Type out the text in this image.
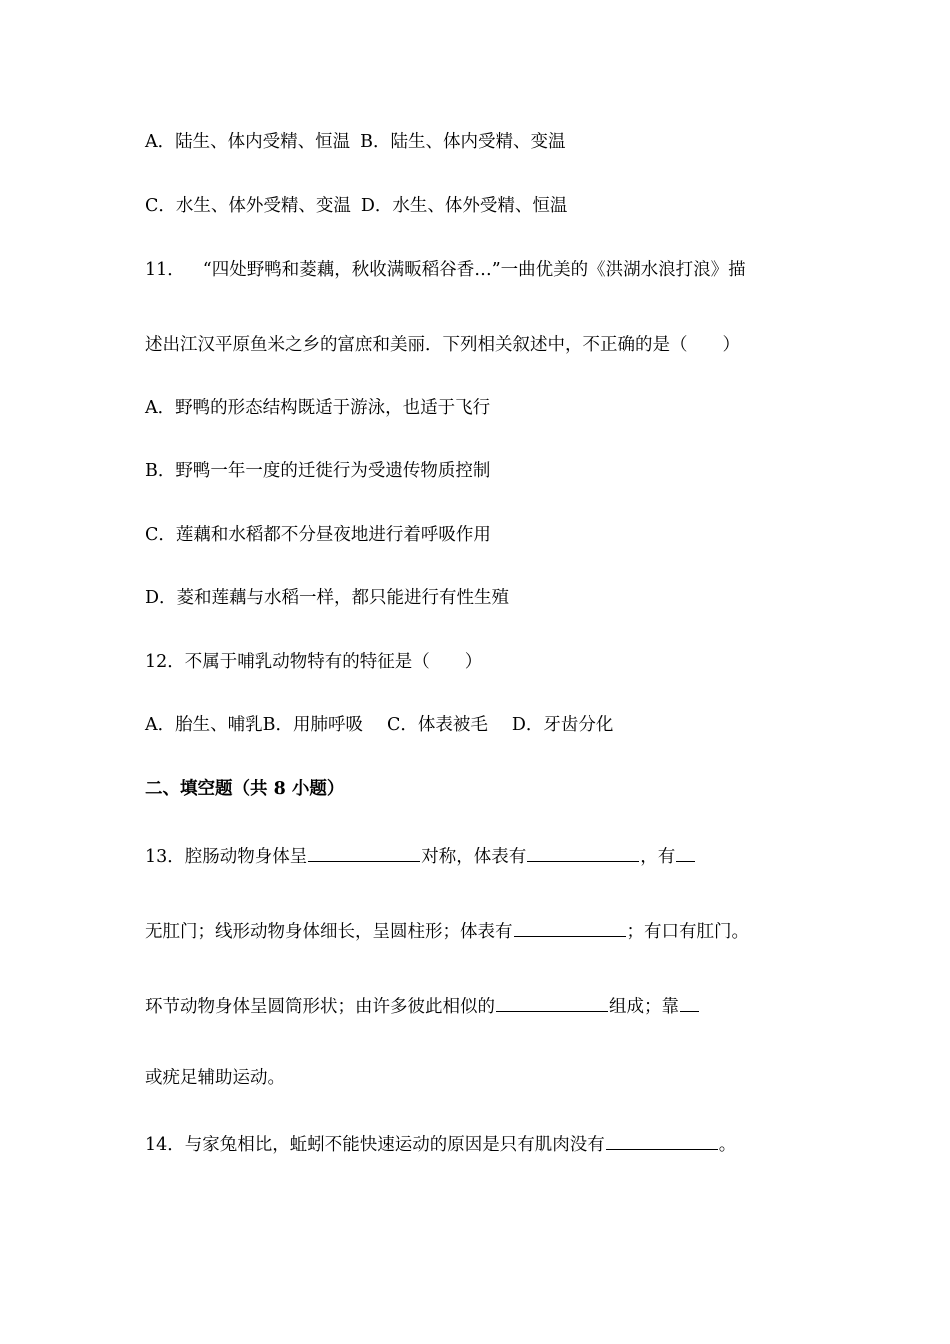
A．陆生、体内受精、恒温 B．陆生、体内受精、变温
C．水生、体外受精、变温 D．水生、体外受精、恒温
11． “四处野鸭和菱藕，秋收满畈稻谷香…”一曲优美的《洪湖水浪打浪》描
述出江汉平原鱼米之乡的富庶和美丽．下列相关叙述中，不正确的是（　　）
A．野鸭的形态结构既适于游泳，也适于飞行
B．野鸭一年一度的迁徙行为受遗传物质控制
C．莲藕和水稻都不分昼夜地进行着呼吸作用
D．菱和莲藕与水稻一样，都只能进行有性生殖
12．不属于哺乳动物特有的特征是（　　）
A．胎生、哺乳B．用肺呼吸 C．体表被毛 D．牙齿分化
二、填空题（共 8 小题）
13．腔肠动物身体呈	对称，体表有	，有
无肛门；线形动物身体细长，呈圆柱形；体表有	；有口有肛门。
环节动物身体呈圆筒形状；由许多彼此相似的	组成；靠
或疣足辅助运动。
14．与家兔相比，蚯蚓不能快速运动的原因是只有肌肉没有	。
